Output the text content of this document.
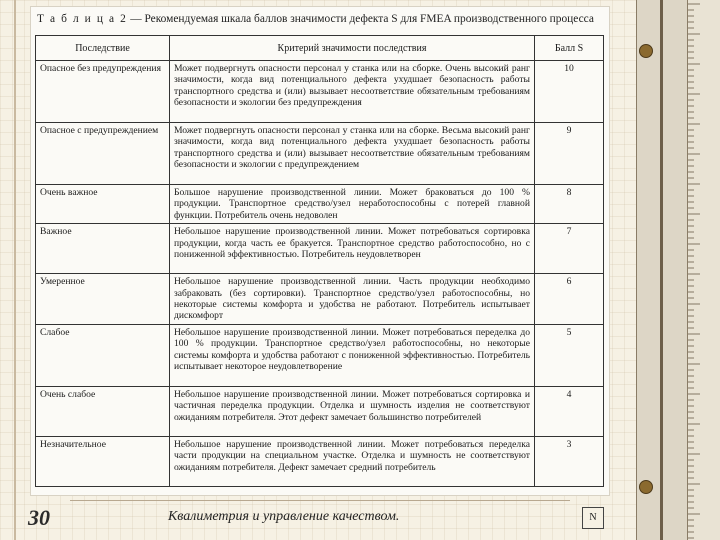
Т а б л и ц а 2 — Рекомендуемая шкала баллов значимости дефекта S для FMEA производственного процесса
Последствие	Критерий значимости последствия	Балл S
Опасное без предупреждения	Может подвергнуть опасности персонал у станка или на сборке. Очень высокий ранг значимости, когда вид потенциального дефекта ухудшает безопасность работы транспортного средства и (или) вызывает несоответствие обязательным требованиям безопасности и экологии без предупреждения	10
Опасное с предупреждением	Может подвергнуть опасности персонал у станка или на сборке. Весьма высокий ранг значимости, когда вид потенциального дефекта ухудшает безопасность работы транспортного средства и (или) вызывает несоответствие обязательным требованиям безопасности и экологии с предупреждением	9
Очень важное	Большое нарушение производственной линии. Может браковаться до 100 % продукции. Транспортное средство/узел неработоспособны с потерей главной функции. Потребитель очень недоволен	8
Важное	Небольшое нарушение производственной линии. Может потребоваться сортировка продукции, когда часть ее бракуется. Транспортное средство работоспособно, но с пониженной эффективностью. Потребитель неудовлетворен	7
Умеренное	Небольшое нарушение производственной линии. Часть продукции необходимо забраковать (без сортировки). Транспортное средство/узел работоспособны, но некоторые системы комфорта и удобства не работают. Потребитель испытывает дискомфорт	6
Слабое	Небольшое нарушение производственной линии. Может потребоваться переделка до 100 % продукции. Транспортное средство/узел работоспособны, но некоторые системы комфорта и удобства работают с пониженной эффективностью. Потребитель испытывает некоторое неудовлетворение	5
Очень слабое	Небольшое нарушение производственной линии. Может потребоваться сортировка и частичная переделка продукции. Отделка и шумность изделия не соответствуют ожиданиям потребителя. Этот дефект замечает большинство потребителей	4
Незначительное	Небольшое нарушение производственной линии. Может потребоваться переделка части продукции на специальном участке. Отделка и шумность не соответствуют ожиданиям потребителя. Дефект замечает средний потребитель	3
30	Квалиметрия и управление качеством.	N
